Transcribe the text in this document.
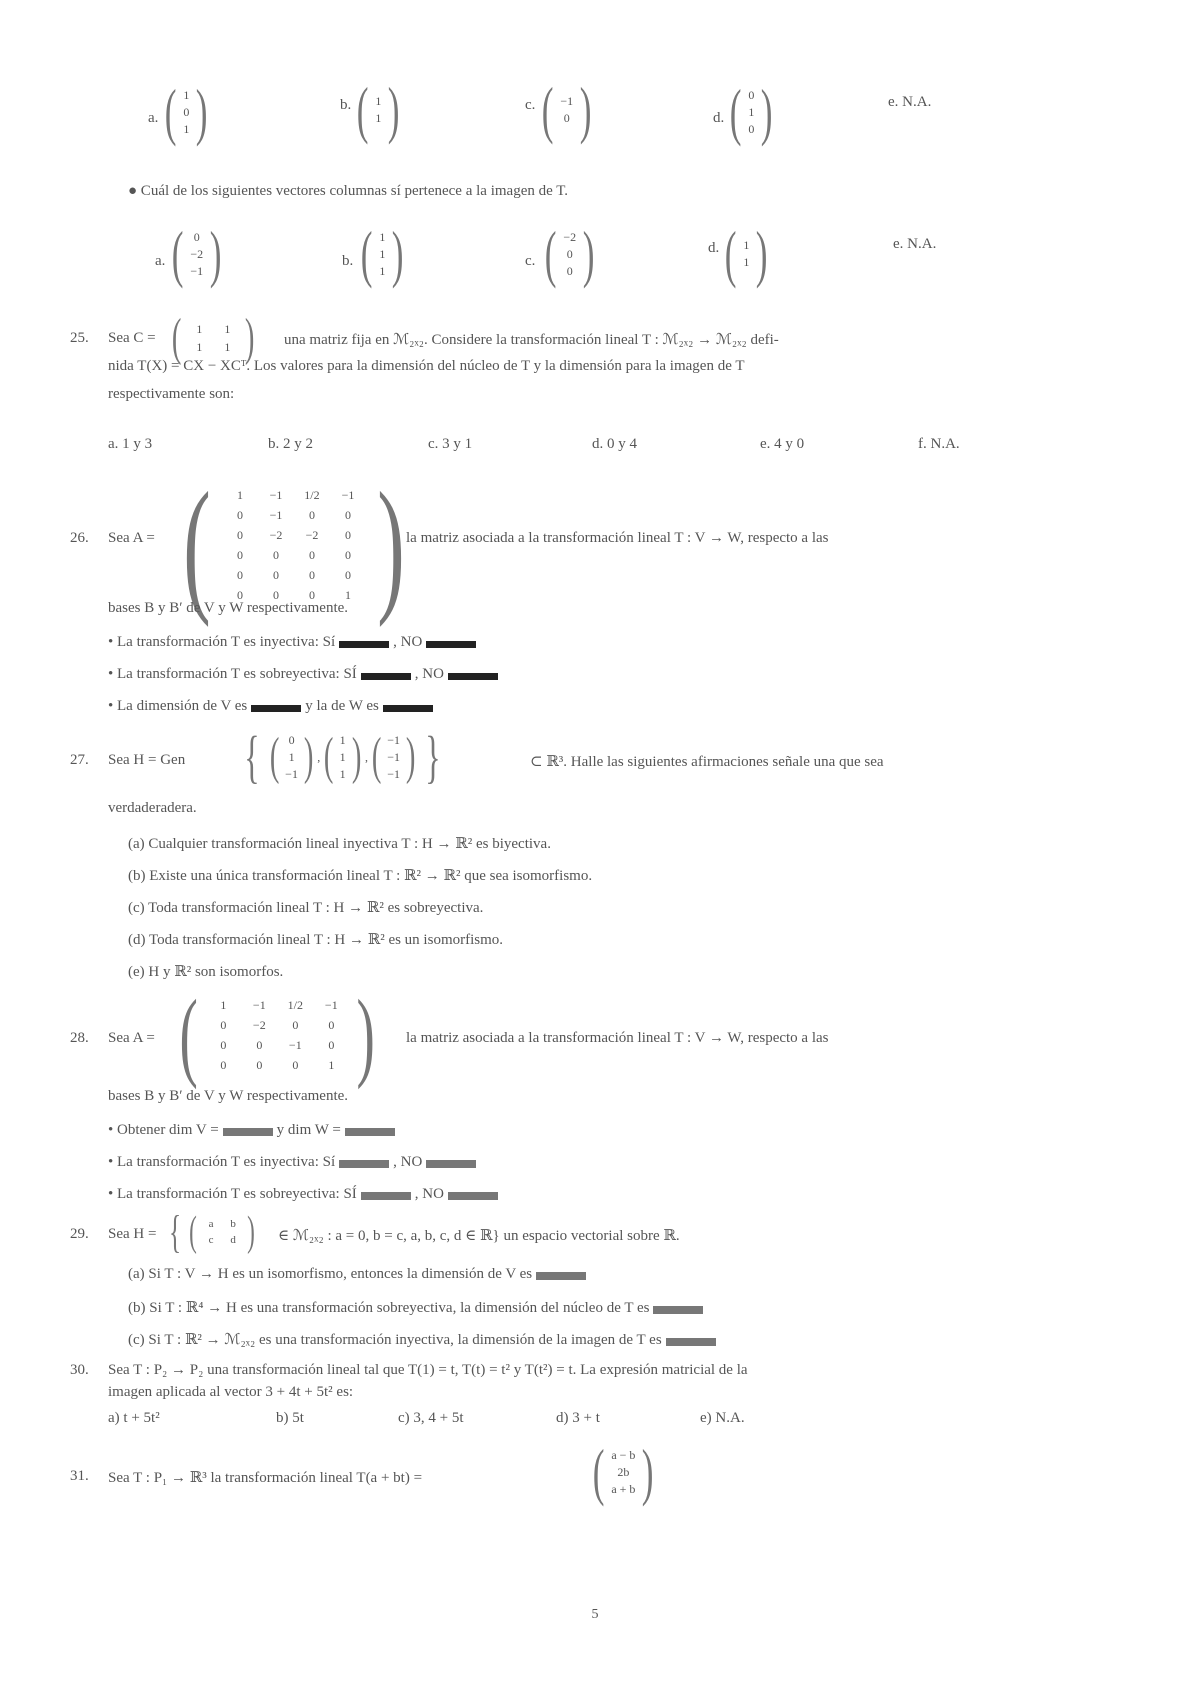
a. ( 1
0
1 )	b. ( 1
1 )	c. ( −1
0 )	d. ( 0
1
0 )	e. N.A.
● Cuál de los siguientes vectores columnas sí pertenece a la imagen de T.
a. ( 0
−2
−1 )	b. ( 1
1
1 )	c. ( −2
0
0 )	d. ( 1
1 )	e. N.A.
25. Sea C = (	1	1
1	1 ) una matriz fija en ℳ₂ₓ₂. Considere la transformación lineal T : ℳ₂ₓ₂ → ℳ₂ₓ₂ defi-
nida T(X) = CX − XCᵀ. Los valores para la dimensión del núcleo de T y la dimensión para la imagen de T
respectivamente son:
a. 1 y 3	b. 2 y 2	c. 3 y 1	d. 0 y 4	e. 4 y 0	f. N.A.
26. Sea A = (	1	−1	1/2	−1
0	−1	0	0
0	−2	−2	0
0	0	0	0
0	0	0	0
0	0	0	1 ) la matriz asociada a la transformación lineal T : V → W, respecto a las
bases B y B′ de V y W respectivamente.
• La transformación T es inyectiva: Sí	, NO
• La transformación T es sobreyectiva: SÍ	, NO
• La dimensión de V es	y la de W es
27. Sea H = Gen { ( 0
1
−1 ) , ( 1
1
1 ) , ( −1
−1
−1 ) }	⊂ ℝ³. Halle las siguientes afirmaciones señale una que sea
verdaderadera.
(a) Cualquier transformación lineal inyectiva T : H → ℝ² es biyectiva.
(b) Existe una única transformación lineal T : ℝ² → ℝ² que sea isomorfismo.
(c) Toda transformación lineal T : H → ℝ² es sobreyectiva.
(d) Toda transformación lineal T : H → ℝ² es un isomorfismo.
(e) H y ℝ² son isomorfos.
28. Sea A = (	1	−1	1/2	−1
0	−2	0	0
0	0	−1	0
0	0	0	1 ) la matriz asociada a la transformación lineal T : V → W, respecto a las
bases B y B′ de V y W respectivamente.
• Obtener dim V =	y dim W =
• La transformación T es inyectiva: Sí	, NO
• La transformación T es sobreyectiva: SÍ	, NO
29. Sea H = { (	a	b
c	d ) ∈ ℳ₂ₓ₂ : a = 0, b = c, a, b, c, d ∈ ℝ} un espacio vectorial sobre ℝ.
(a) Si T : V → H es un isomorfismo, entonces la dimensión de V es
(b) Si T : ℝ⁴ → H es una transformación sobreyectiva, la dimensión del núcleo de T es
(c) Si T : ℝ² → ℳ₂ₓ₂ es una transformación inyectiva, la dimensión de la imagen de T es
30. Sea T : P₂ → P₂ una transformación lineal tal que T(1) = t, T(t) = t² y T(t²) = t. La expresión matricial de la
imagen aplicada al vector 3 + 4t + 5t² es:
a) t + 5t²	b) 5t	c) 3, 4 + 5t	d) 3 + t	e) N.A.
31. Sea T : P₁ → ℝ³ la transformación lineal T(a + bt) =	( a − b
2b
a + b )
5
